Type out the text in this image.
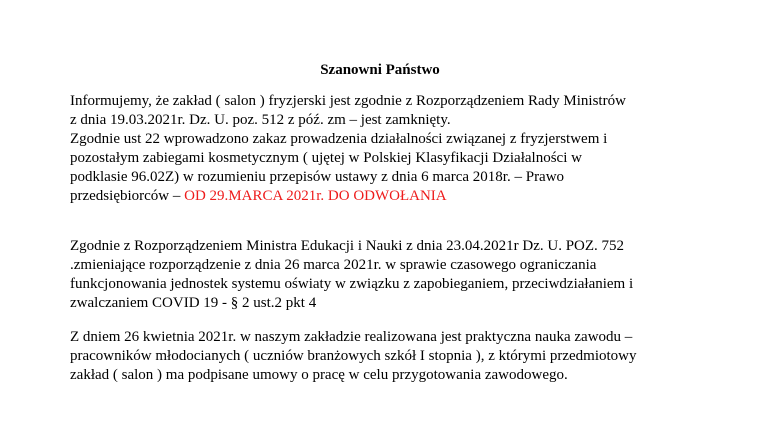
Szanowni Państwo

Informujemy, że zakład ( salon ) fryzjerski jest zgodnie z Rozporządzeniem Rady Ministrów
z dnia 19.03.2021r. Dz. U. poz. 512 z póź. zm – jest zamknięty.
Zgodnie ust 22 wprowadzono zakaz prowadzenia działalności związanej z fryzjerstwem i
pozostałym zabiegami kosmetycznym ( ujętej w Polskiej Klasyfikacji Działalności w
podklasie 96.02Z) w rozumieniu przepisów ustawy z dnia 6 marca 2018r. – Prawo
przedsiębiorców – OD 29.MARCA 2021r. DO ODWOŁANIA

Zgodnie z Rozporządzeniem Ministra Edukacji i Nauki z dnia 23.04.2021r Dz. U. POZ. 752
.zmieniające rozporządzenie z dnia 26 marca 2021r. w sprawie czasowego ograniczania
funkcjonowania jednostek systemu oświaty w związku z zapobieganiem, przeciwdziałaniem i
zwalczaniem COVID 19 - § 2 ust.2 pkt 4

Z dniem 26 kwietnia 2021r. w naszym zakładzie realizowana jest praktyczna nauka zawodu –
pracowników młodocianych ( uczniów branżowych szkół I stopnia ), z którymi przedmiotowy
zakład ( salon ) ma podpisane umowy o pracę w celu przygotowania zawodowego.
